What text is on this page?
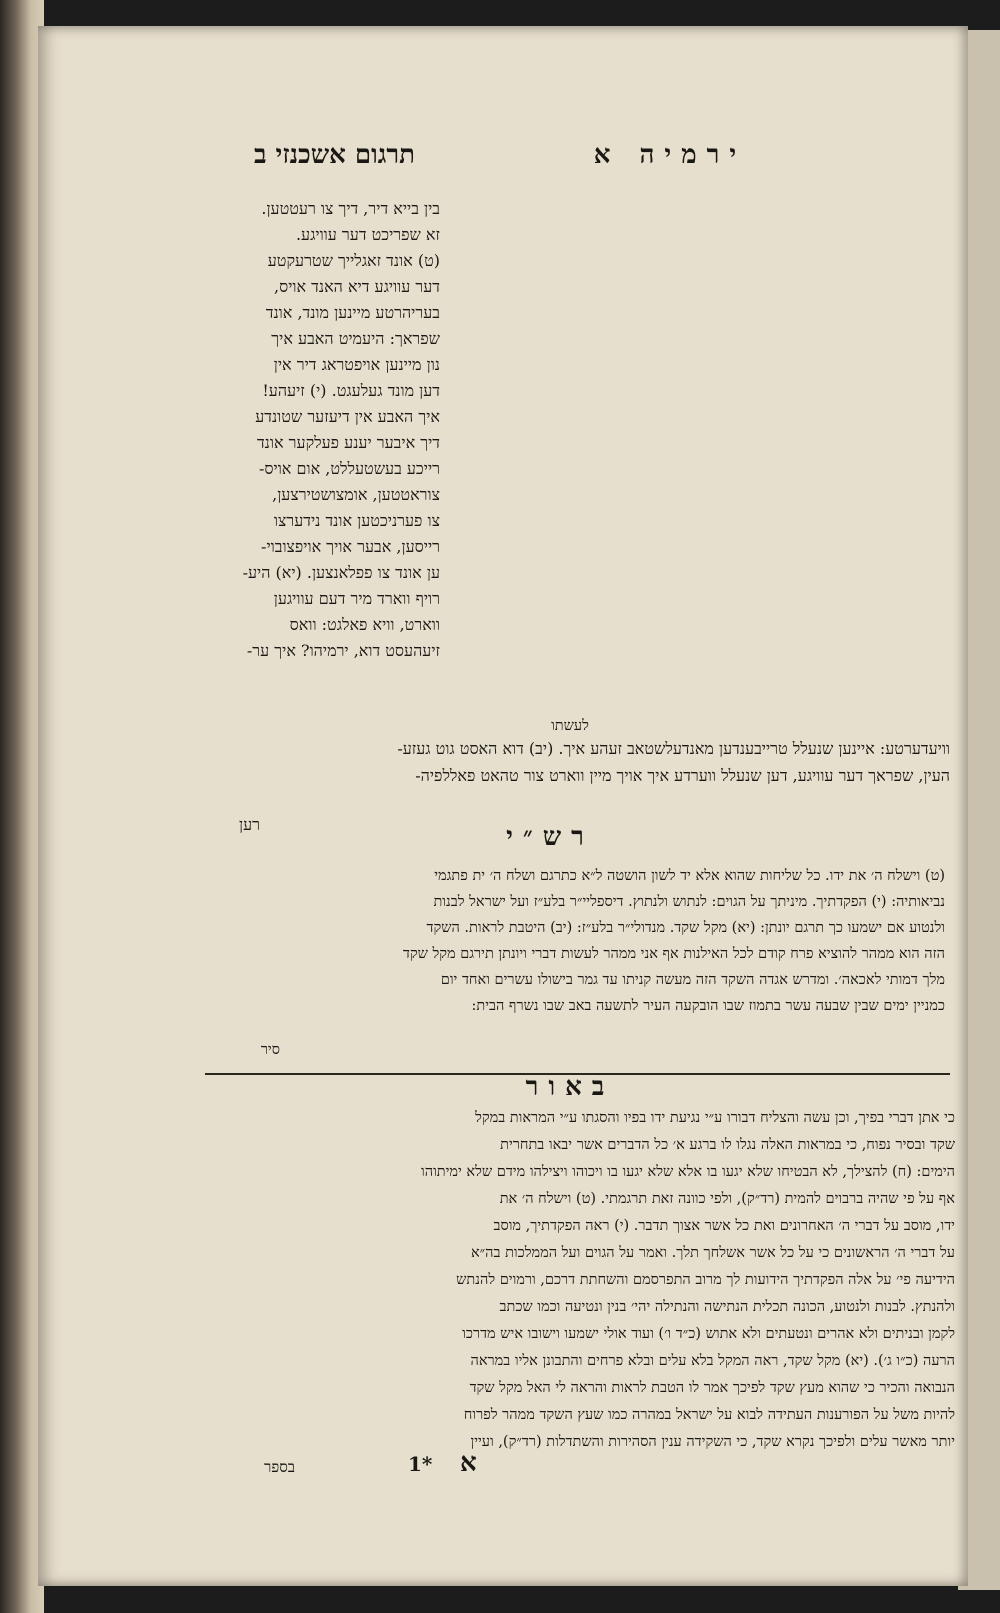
ירמיה א
תרגום אשכנזי ב
לעשתו
בין בייא דיר, דיך צו רעטטען.
זא שפריכט דער עוויגע.
(ט) אונד זאגלייך שטרעקטע
דער עוויגע דיא האנד אויס,
בעריהרטע מיינען מונד, אונד
שפראך: היעמיט האבע איך
נון מיינען אויפטראג דיר אין
דען מונד געלעגט. (י) זיעהע!
איך האבע אין דיעזער שטונדע
דיך איבער יענע פעלקער אונד
רייכע בעשטעללט, אום אויס-
צוראטטען, אומצושטירצען,
צו פערניכטען אונד נידערצו
רייסען, אבער אויך אויפצובוי-
ען אונד צו פפלאנצען. (יא) היע-
רויף ווארד מיר דעם עוויגען
ווארט, וויא פאלגט: וואס
זיעהעסט דוא, ירמיהו? איך ער-
וויעדערטע: איינען שנעלל טרייבענדען מאנדעלשטאב זעהע איך. (יב) דוא האסט גוט געזע-
העין, שפראך דער עוויגע, דען שנעלל ווערדע איך אויך מיין ווארט צור טהאט פאללפיה-
רען	רש״י
(ט) וישלח ה׳ את ידו. כל שליחות שהוא אלא יד לשון הושטה ל״א כתרגם ושלח ה׳ ית פתגמי
נביאותיה: (י) הפקדתיך. מיניתך על הגוים: לנתוש ולנתוץ. דיספליי״ר בלע״ז ועל ישראל לבנות
ולנטוע אם ישמעו כך תרגם יונתן: (יא) מקל שקד. מנדולי״ר בלע״ז: (יב) היטבת לראות. השקד
הזה הוא ממהר להוציא פרח קודם לכל האילנות אף אני ממהר לעשות דברי ויונתן תירגם מקל שקד
מלך דמותי לאכאה׳. ומדרש אגדה השקד הזה מעשה קניתו עד גמר בישולו עשרים ואחד יום
כמניין ימים שבין שבעה עשר בתמוז שבו הובקעה העיר לתשעה באב שבו נשרף הבית:
סיר
באור
כי אתן דברי בפיך, וכן עשה והצליח דבורו ע״י נגיעת ידו בפיו והסגתו ע״י המראות במקל
שקד ובסיר נפוח, כי במראות האלה נגלו לו ברגע א׳ כל הדברים אשר יבאו בתחרית
הימים: (ח) להצילך, לא הבטיחו שלא יגעו בו אלא שלא יגעו בו ויכוהו ויצילהו מידם שלא ימיתוהו
אף על פי שהיה ברבוים להמית (רד״ק), ולפי כוונה זאת תרגמתי. (ט) וישלח ה׳ את
ידו, מוסב על דברי ה׳ האחרונים ואת כל אשר אצוך תדבר. (י) ראה הפקדתיך, מוסב
על דברי ה׳ הראשונים כי על כל אשר אשלחך תלך. ואמר על הגוים ועל הממלכות בה״א
הידיעה פי׳ על אלה הפקדתיך הידועות לך מרוב התפרסמם והשחתת דרכם, ורמוים להנתש
ולהנתץ. לבנות ולנטוע, הכונה תכלית הנתישה והנתילה יהי׳ בנין ונטיעה וכמו שכתב
לקמן ובניתים ולא אהרים ונטעתים ולא אתוש (כ״ד ו׳) ועוד אולי ישמעו וישובו איש מדרכו
הרעה (כ״ו ג׳). (יא) מקל שקד, ראה המקל בלא עלים ובלא פרחים והתבונן אליו במראה
הנבואה והכיר כי שהוא מעץ שקד לפיכך אמר לו הטבת לראות והראה לי האל מקל שקד
להיות משל על הפורענות העתידה לבוא על ישראל במהרה כמו שעץ השקד ממהר לפרוח
יותר מאשר עלים ולפיכך נקרא שקד, כי השקידה ענין הסהירות והשתדלות (רד״ק), ועיין
א
1*
בספר
